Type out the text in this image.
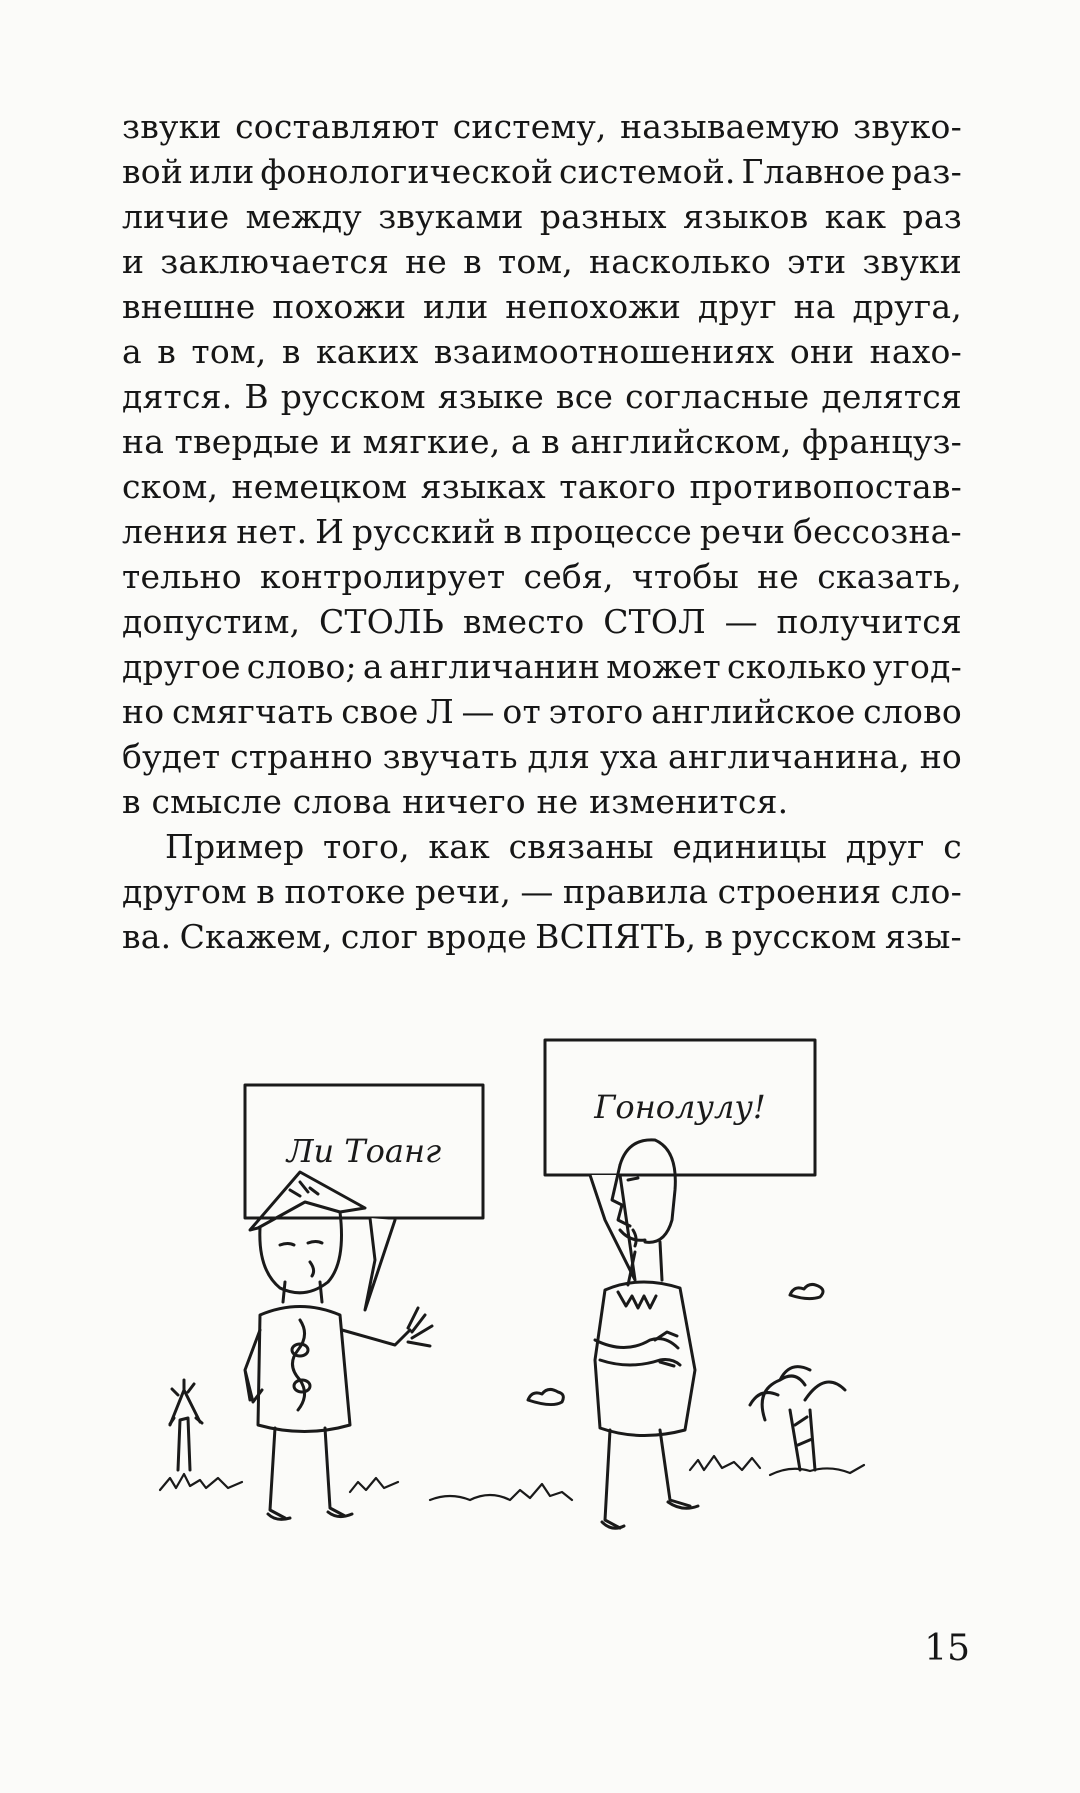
звуки составляют систему, называемую звуко-
вой или фонологической системой. Главное раз-
личие между звуками разных языков как раз
и заключается не в том, насколько эти звуки
внешне похожи или непохожи друг на друга,
а в том, в каких взаимоотношениях они нахо-
дятся. В русском языке все согласные делятся
на твердые и мягкие, а в английском, француз-
ском, немецком языках такого противопостав-
ления нет. И русский в процессе речи бессозна-
тельно контролирует себя, чтобы не сказать,
допустим, СТОЛЬ вместо СТОЛ — получится
другое слово; а англичанин может сколько угод-
но смягчать свое Л — от этого английское слово
будет странно звучать для уха англичанина, но
в
смысле
слова
ничего
не
изменится.
Пример того, как связаны единицы друг с
другом в потоке речи, — правила строения сло-
ва. Скажем, слог вроде ВСПЯТЬ, в русском язы-
Ли Тоанг
Гонолулу!
15
